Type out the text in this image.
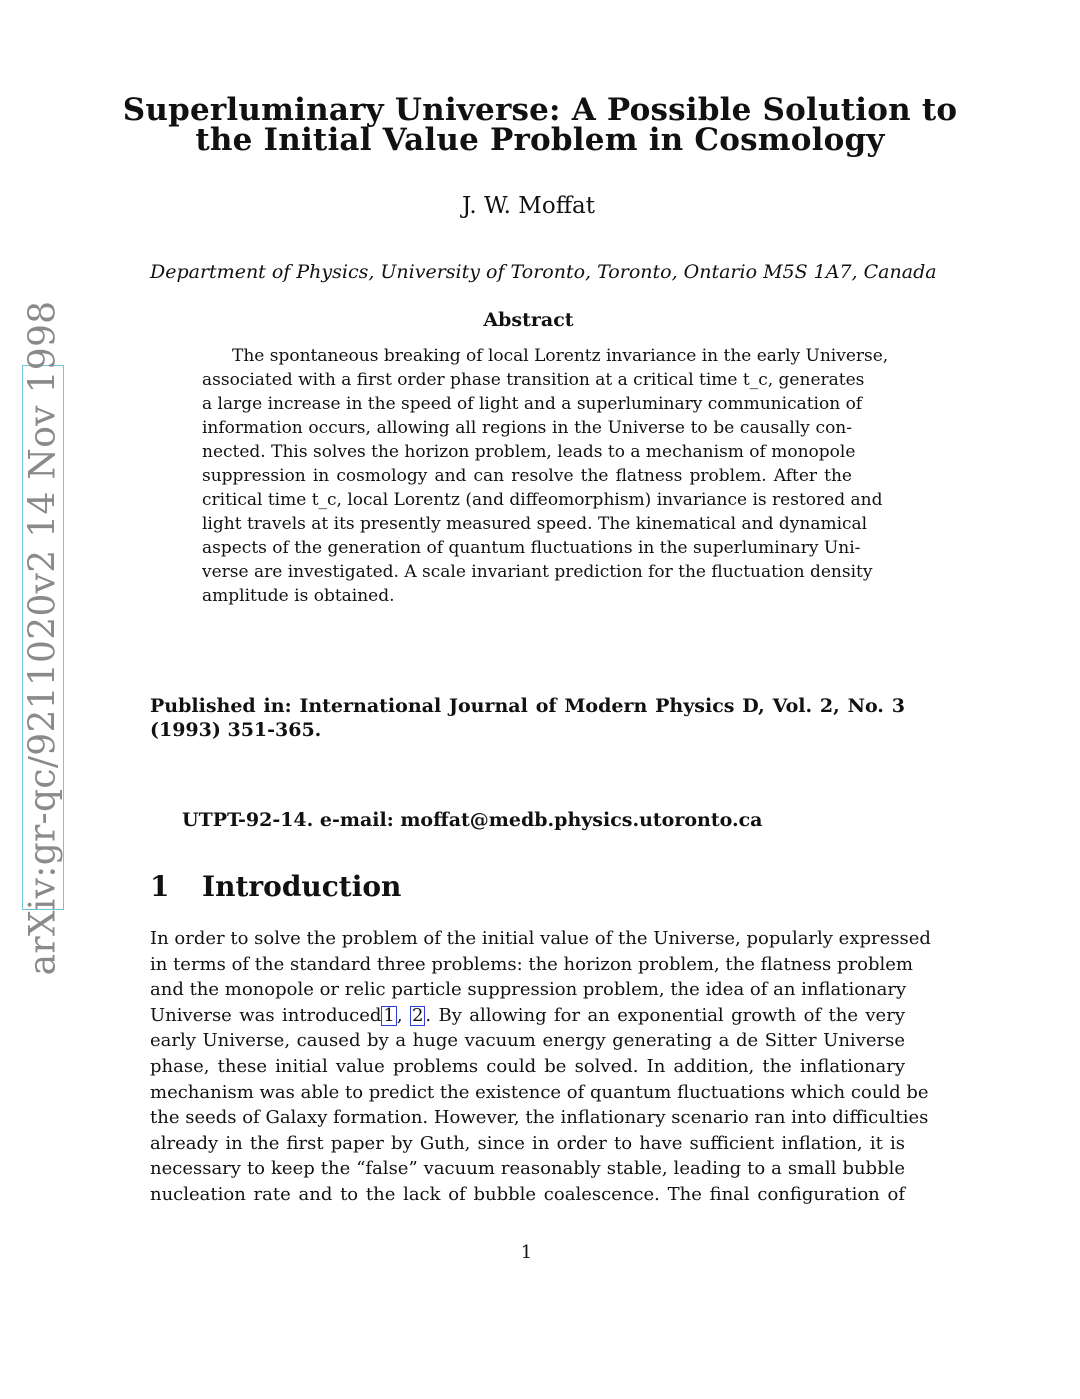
arXiv:gr-qc/9211020v2 14 Nov 1998
Superluminary Universe: A Possible Solution to
the Initial Value Problem in Cosmology
J. W. Moffat
Department of Physics, University of Toronto, Toronto, Ontario M5S 1A7, Canada
Abstract
The spontaneous breaking of local Lorentz invariance in the early Universe,
associated with a first order phase transition at a critical time t_c, generates
a large increase in the speed of light and a superluminary communication of
information occurs, allowing all regions in the Universe to be causally con-
nected. This solves the horizon problem, leads to a mechanism of monopole
suppression in cosmology and can resolve the flatness problem. After the
critical time t_c, local Lorentz (and diffeomorphism) invariance is restored and
light travels at its presently measured speed. The kinematical and dynamical
aspects of the generation of quantum fluctuations in the superluminary Uni-
verse are investigated. A scale invariant prediction for the fluctuation density
amplitude is obtained.
Published in: International Journal of Modern Physics D, Vol. 2, No. 3
(1993) 351-365.
UTPT-92-14. e-mail: moffat@medb.physics.utoronto.ca
1 Introduction
In order to solve the problem of the initial value of the Universe, popularly expressed
in terms of the standard three problems: the horizon problem, the flatness problem
and the monopole or relic particle suppression problem, the idea of an inflationary
Universe was introduced 1 , 2 . By allowing for an exponential growth of the very
early Universe, caused by a huge vacuum energy generating a de Sitter Universe
phase, these initial value problems could be solved. In addition, the inflationary
mechanism was able to predict the existence of quantum fluctuations which could be
the seeds of Galaxy formation. However, the inflationary scenario ran into difficulties
already in the first paper by Guth, since in order to have sufficient inflation, it is
necessary to keep the “false” vacuum reasonably stable, leading to a small bubble
nucleation rate and to the lack of bubble coalescence. The final configuration of
1
